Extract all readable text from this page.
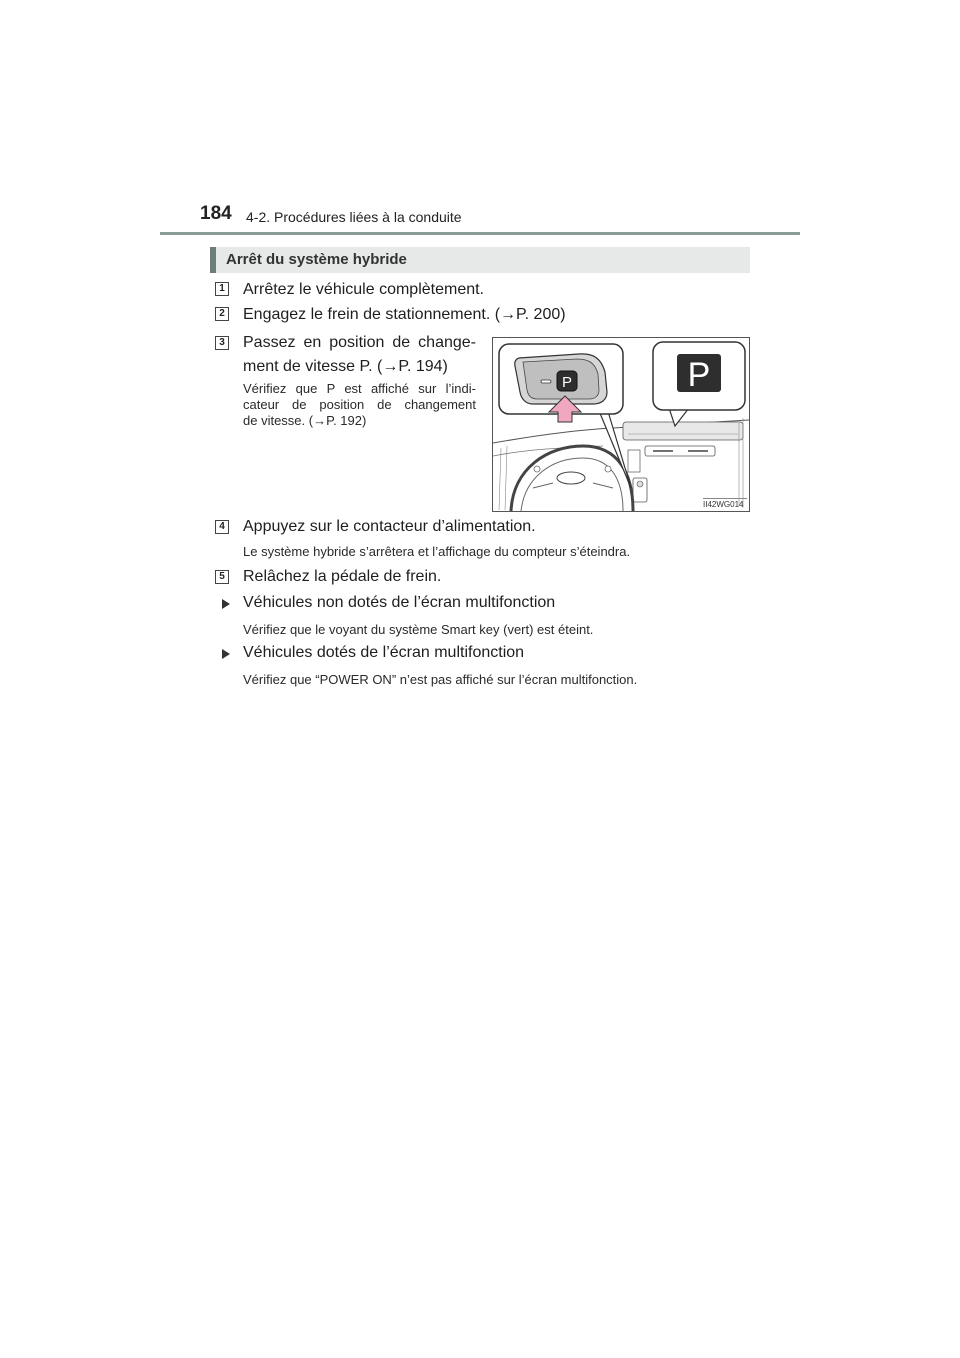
184 4-2. Procédures liées à la conduite
Arrêt du système hybride
1 Arrêtez le véhicule complètement.
2 Engagez le frein de stationnement. (→P. 200)
3 Passez en position de change-
ment de vitesse P. (→P. 194)
Vérifiez que P est affiché sur l’indi-
cateur de position de changement
de vitesse. (→P. 192)
P	P
II42WG014
4 Appuyez sur le contacteur d’alimentation.
Le système hybride s’arrêtera et l’affichage du compteur s’éteindra.
5 Relâchez la pédale de frein.
Véhicules non dotés de l’écran multifonction
Vérifiez que le voyant du système Smart key (vert) est éteint.
Véhicules dotés de l’écran multifonction
Vérifiez que “POWER ON” n’est pas affiché sur l’écran multifonction.
